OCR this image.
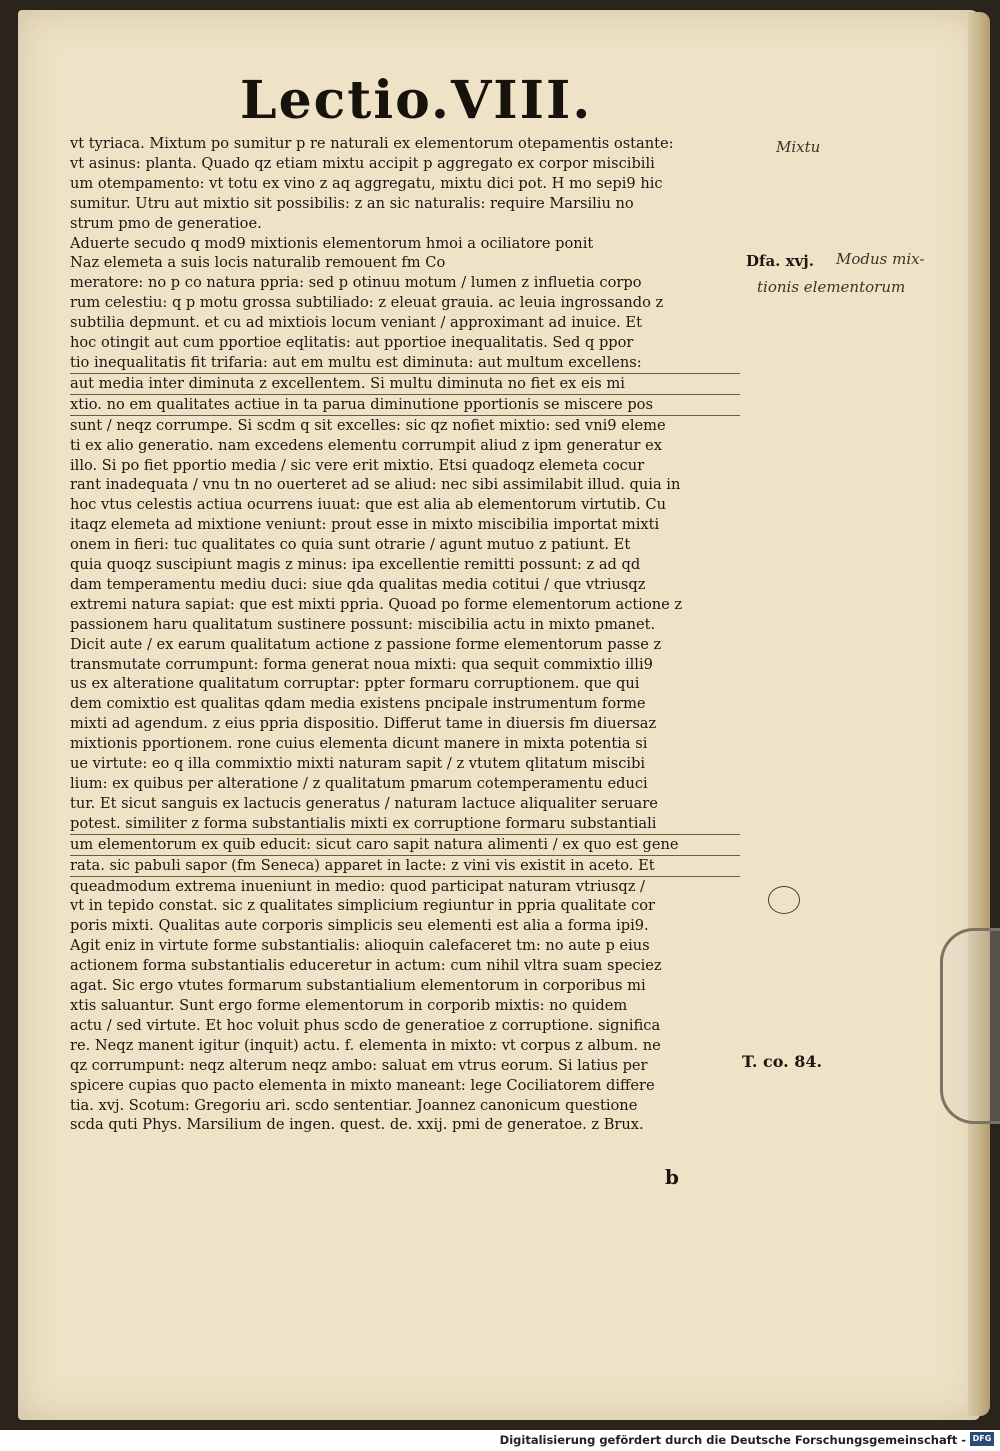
Lectio.VIII.
vt tyriaca. Mixtum po sumitur p re naturali ex elementorum otepamentis ostante:
vt asinus: planta. Quado qz etiam mixtu accipit p aggregato ex corpor miscibili
um otempamento: vt totu ex vino z aq aggregatu, mixtu dici pot. H mo sepi9 hic
sumitur. Utru aut mixtio sit possibilis: z an sic naturalis: require Marsiliu no
strum pmo de generatioe.
Aduerte secudo q mod9 mixtionis elementorum hmoi a ociliatore ponit
Naz elemeta a suis locis naturalib remouent fm Co
meratore: no p co natura ppria: sed p otinuu motum / lumen z influetia corpo
rum celestiu: q p motu grossa subtiliado: z eleuat grauia. ac leuia ingrossando z
subtilia depmunt. et cu ad mixtiois locum veniant / approximant ad inuice. Et
hoc otingit aut cum pportioe eqlitatis: aut pportioe inequalitatis. Sed q ppor
tio inequalitatis fit trifaria: aut em multu est diminuta: aut multum excellens:
aut media inter diminuta z excellentem. Si multu diminuta no fiet ex eis mi
xtio. no em qualitates actiue in ta parua diminutione pportionis se miscere pos
sunt / neqz corrumpe. Si scdm q sit excelles: sic qz nofiet mixtio: sed vni9 eleme
ti ex alio generatio. nam excedens elementu corrumpit aliud z ipm generatur ex
illo. Si po fiet pportio media / sic vere erit mixtio. Etsi quadoqz elemeta cocur
rant inadequata / vnu tn no ouerteret ad se aliud: nec sibi assimilabit illud. quia in
hoc vtus celestis actiua ocurrens iuuat: que est alia ab elementorum virtutib. Cu
itaqz elemeta ad mixtione veniunt: prout esse in mixto miscibilia importat mixti
onem in fieri: tuc qualitates co quia sunt otrarie / agunt mutuo z patiunt. Et
quia quoqz suscipiunt magis z minus: ipa excellentie remitti possunt: z ad qd
dam temperamentu mediu duci: siue qda qualitas media cotitui / que vtriusqz
extremi natura sapiat: que est mixti ppria. Quoad po forme elementorum actione z
passionem haru qualitatum sustinere possunt: miscibilia actu in mixto pmanet.
Dicit aute / ex earum qualitatum actione z passione forme elementorum passe z
transmutate corrumpunt: forma generat noua mixti: qua sequit commixtio illi9
us ex alteratione qualitatum corruptar: ppter formaru corruptionem. que qui
dem comixtio est qualitas qdam media existens pncipale instrumentum forme
mixti ad agendum. z eius ppria dispositio. Differut tame in diuersis fm diuersaz
mixtionis pportionem. rone cuius elementa dicunt manere in mixta potentia si
ue virtute: eo q illa commixtio mixti naturam sapit / z vtutem qlitatum miscibi
lium: ex quibus per alteratione / z qualitatum pmarum cotemperamentu educi
tur. Et sicut sanguis ex lactucis generatus / naturam lactuce aliqualiter seruare
potest. similiter z forma substantialis mixti ex corruptione formaru substantiali
um elementorum ex quib educit: sicut caro sapit natura alimenti / ex quo est gene
rata. sic pabuli sapor (fm Seneca) apparet in lacte: z vini vis existit in aceto. Et
queadmodum extrema inueniunt in medio: quod participat naturam vtriusqz /
vt in tepido constat. sic z qualitates simplicium regiuntur in ppria qualitate cor
poris mixti. Qualitas aute corporis simplicis seu elementi est alia a forma ipi9.
Agit eniz in virtute forme substantialis: alioquin calefaceret tm: no aute p eius
actionem forma substantialis educeretur in actum: cum nihil vltra suam speciez
agat. Sic ergo vtutes formarum substantialium elementorum in corporibus mi
xtis saluantur. Sunt ergo forme elementorum in corporib mixtis: no quidem
actu / sed virtute. Et hoc voluit phus scdo de generatioe z corruptione. significa
re. Neqz manent igitur (inquit) actu. f. elementa in mixto: vt corpus z album. ne
qz corrumpunt: neqz alterum neqz ambo: saluat em vtrus eorum. Si latius per
spicere cupias quo pacto elementa in mixto maneant: lege Cociliatorem differe
tia. xvj. Scotum: Gregoriu ari. scdo sententiar. Joannez canonicum questione
scda quti Phys. Marsilium de ingen. quest. de. xxij. pmi de generatoe. z Brux.
Dfa. xvj.
T. co. 84.
Mixtu
Modus mix-
tionis elementorum
b
Digitalisierung gefördert durch die Deutsche Forschungsgemeinschaft - DFG
